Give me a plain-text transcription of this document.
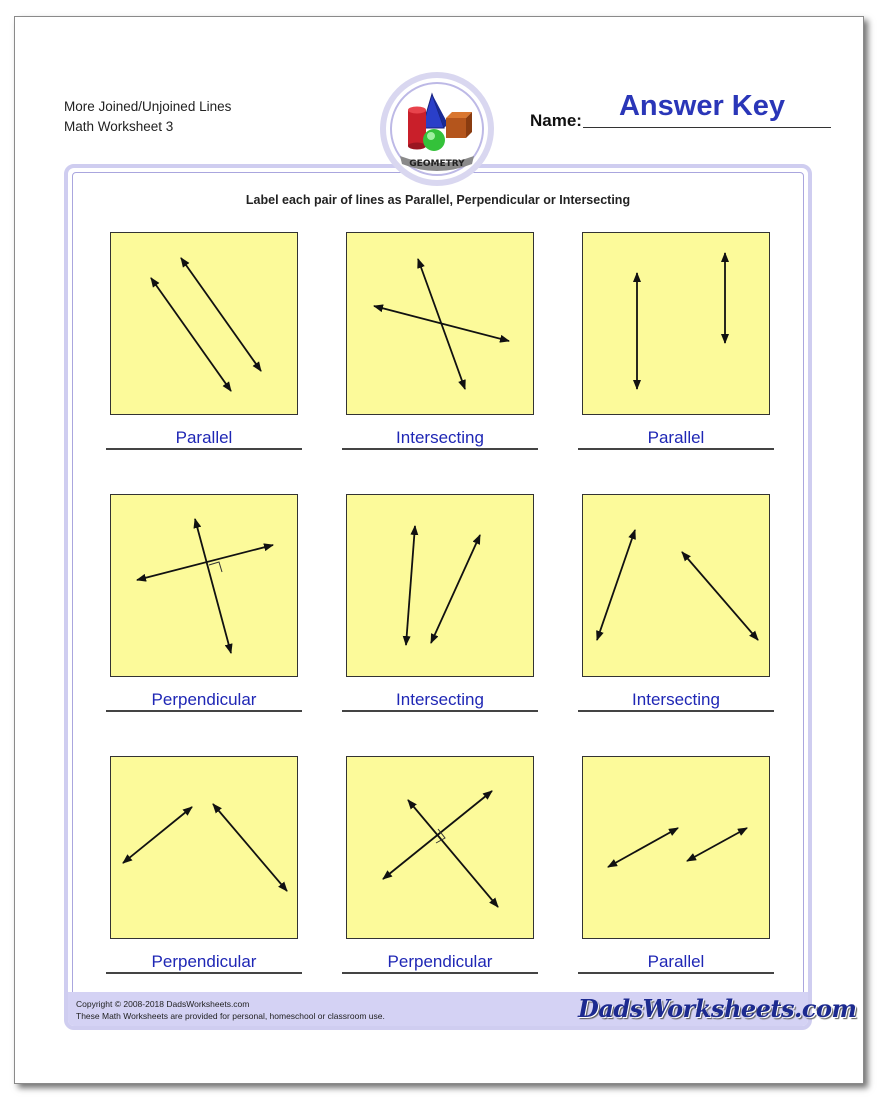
More Joined/Unjoined Lines
Math Worksheet 3
GEOMETRY
Answer Key
Name:
Label each pair of lines as Parallel, Perpendicular or Intersecting
Parallel	Intersecting	Parallel
Perpendicular	Intersecting	Intersecting
Perpendicular	Perpendicular	Parallel
Copyright © 2008-2018 DadsWorksheets.com
These Math Worksheets are provided for personal, homeschool or classroom use.	DadsWorksheets.com
